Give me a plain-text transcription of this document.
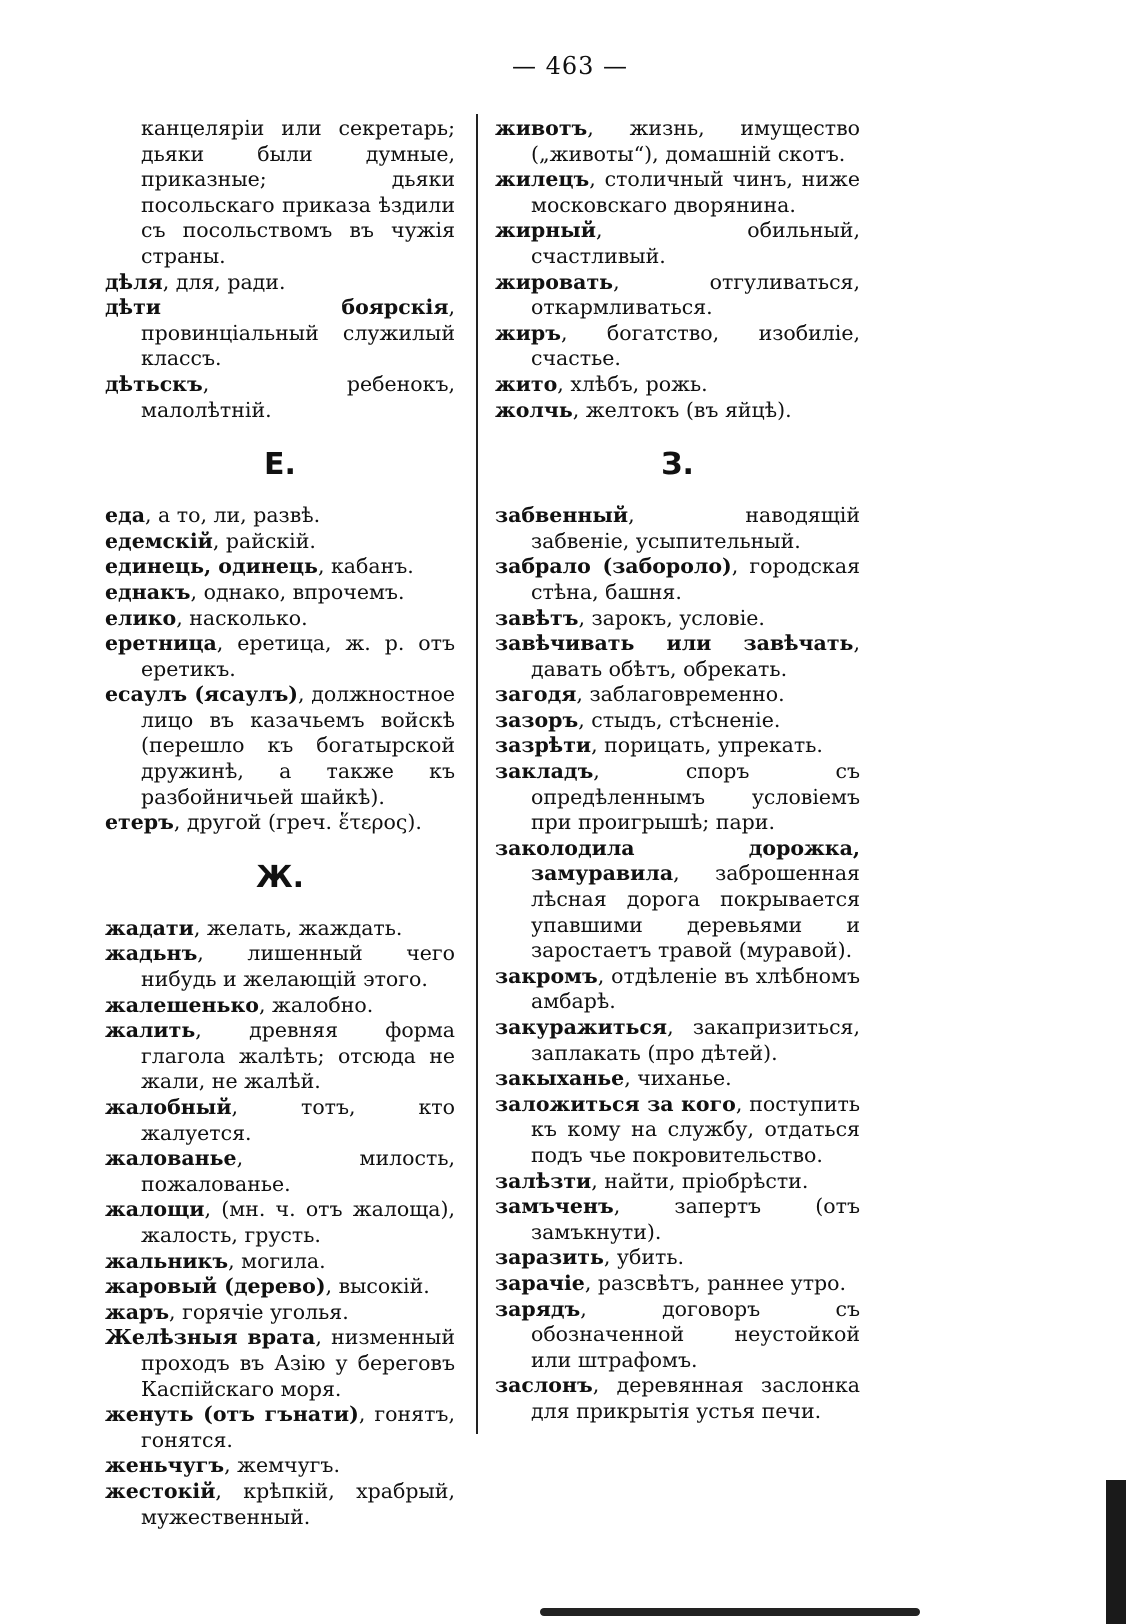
— 463 —

канцеляріи или секретарь; дьяки были думные, приказные; дьяки посольскаго приказа ѣздили съ посольствомъ въ чужія страны.

дѣля, для, ради.

дѣти боярскія, провинціальный служилый классъ.

дѣтьскъ, ребенокъ, малолѣтній.

Е.

еда, а то, ли, развѣ.

едемскій, райскій.

единець, одинець, кабанъ.

еднакъ, однако, впрочемъ.

елико, насколько.

еретница, еретица, ж. р. отъ еретикъ.

есаулъ (ясаулъ), должностное лицо въ казачьемъ войскѣ (перешло къ богатырской дружинѣ, а также къ разбойничьей шайкѣ).

етеръ, другой (греч. ἕτερος).

Ж.

жадати, желать, жаждать.

жадьнъ, лишенный чего нибудь и желающій этого.

жалешенько, жалобно.

жалить, древняя форма глагола жалѣть; отсюда не жали, не жалѣй.

жалобный, тотъ, кто жалуется.

жалованье, милость, пожалованье.

жалощи, (мн. ч. отъ жалоща), жалость, грусть.

жальникъ, могила.

жаровый (дерево), высокій.

жаръ, горячіе уголья.

Желѣзныя врата, низменный проходъ въ Азію у береговъ Каспійскаго моря.

женуть (отъ гънати), гонятъ, гонятся.

женьчугъ, жемчугъ.

жестокій, крѣпкій, храбрый, мужественный.

животъ, жизнь, имущество („животы“), домашній скотъ.

жилецъ, столичный чинъ, ниже московскаго дворянина.

жирный, обильный, счастливый.

жировать, отгуливаться, откармливаться.

жиръ, богатство, изобиліе, счастье.

жито, хлѣбъ, рожь.

жолчь, желтокъ (въ яйцѣ).

З.

забвенный, наводящій забвеніе, усыпительный.

забрало (забороло), городская стѣна, башня.

завѣтъ, зарокъ, условіе.

завѣчивать или завѣчать, давать обѣтъ, обрекать.

загодя, заблаговременно.

зазоръ, стыдъ, стѣсненіе.

зазрѣти, порицать, упрекать.

закладъ, споръ съ опредѣленнымъ условіемъ при проигрышѣ; пари.

заколодила дорожка, замуравила, заброшенная лѣсная дорога покрывается упавшими деревьями и заростаетъ травой (муравой).

закромъ, отдѣленіе въ хлѣбномъ амбарѣ.

закуражиться, закапризиться, заплакать (про дѣтей).

закыханье, чиханье.

заложиться за кого, поступить къ кому на службу, отдаться подъ чье покровительство.

залѣзти, найти, пріобрѣсти.

замъченъ, запертъ (отъ замъкнути).

заразить, убить.

зарачіе, разсвѣтъ, раннее утро.

зарядъ, договоръ съ обозначенной неустойкой или штрафомъ.

заслонъ, деревянная заслонка для прикрытія устья печи.
